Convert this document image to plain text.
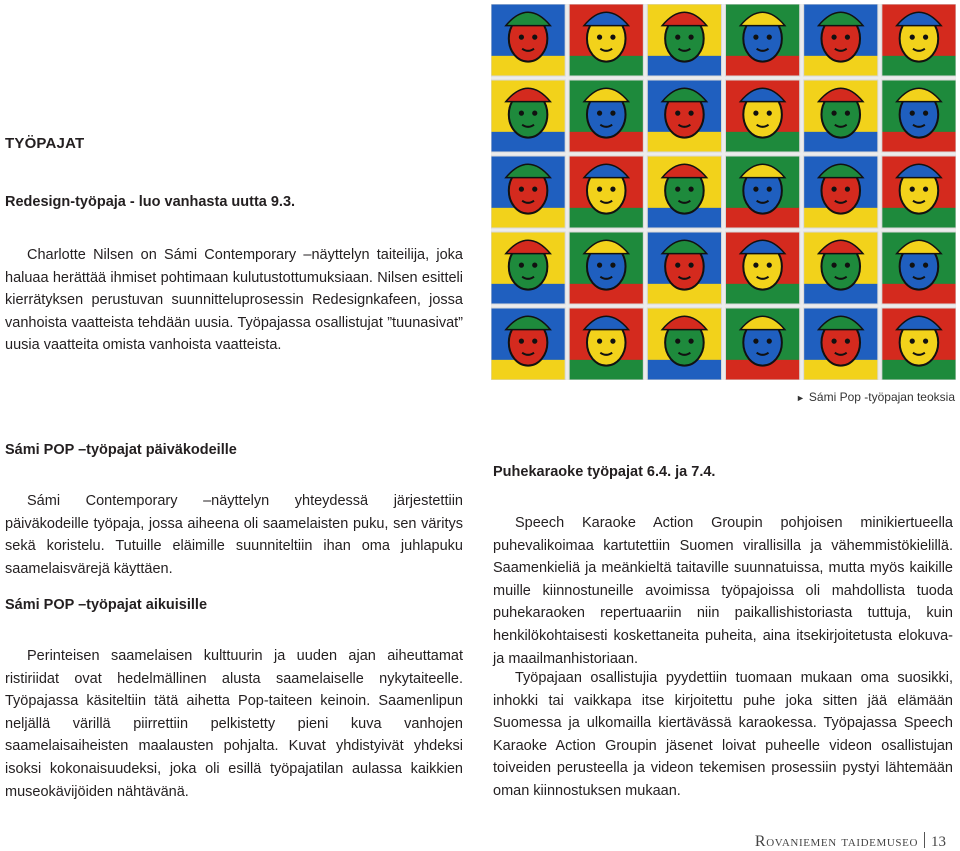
TYÖPAJAT
Redesign-työpaja - luo vanhasta uutta 9.3.

Charlotte Nilsen on Sámi Contemporary –näyttelyn taiteilija, joka haluaa herättää ihmiset pohtimaan kulutustottumuksiaan. Nilsen esitteli kierrätyksen perustuvan suunnitteluprosessin Redesignkafeen, jossa vanhoista vaatteista tehdään uusia. Työpajassa osallistujat ”tuunasivat” uusia vaatteita omista vanhoista vaatteista.

► Sámi Pop -työpajan teoksia
Sámi POP –työpajat päiväkodeille

Sámi Contemporary –näyttelyn yhteydessä järjestettiin päiväkodeille työpaja, jossa aiheena oli saamelaisten puku, sen väritys sekä koristelu. Tutuille eläimille suunniteltiin ihan oma juhlapuku saamelaisvärejä käyttäen.

Sámi POP –työpajat aikuisille

Perinteisen saamelaisen kulttuurin ja uuden ajan aiheuttamat ristiriidat ovat hedelmällinen alusta saamelaiselle nykytaiteelle. Työpajassa käsiteltiin tätä aihetta Pop-taiteen keinoin. Saamenlipun neljällä värillä piirrettiin pelkistetty pieni kuva vanhojen saamelaisaiheisten maalausten pohjalta. Kuvat yhdistyivät yhdeksi isoksi kokonaisuudeksi, joka oli esillä työpajatilan aulassa kaikkien museokävijöiden nähtävänä.

Puhekaraoke työpajat 6.4. ja 7.4.

Speech Karaoke Action Groupin pohjoisen minikiertueella puhevalikoimaa kartutettiin Suomen virallisilla ja vähemmistökielillä. Saamenkieliä ja meänkieltä taitaville suunnatuissa, mutta myös kaikille muille kiinnostuneille avoimissa työpajoissa oli mahdollista tuoda puhekaraoken repertuaariin niin paikallishistoriasta tuttuja, kuin henkilökohtaisesti koskettaneita puheita, aina itsekirjoitetusta elokuva- ja maailmanhistoriaan.

Työpajaan osallistujia pyydettiin tuomaan mukaan oma suosikki, inhokki tai vaikkapa itse kirjoitettu puhe joka sitten jää elämään Suomessa ja ulkomailla kiertävässä karaokessa. Työpajassa Speech Karaoke Action Groupin jäsenet loivat puheelle videon osallistujan toiveiden perusteella ja videon tekemisen prosessiin pystyi lähtemään oman kiinnostuksen mukaan.

Rovaniemen taidemuseo 13
